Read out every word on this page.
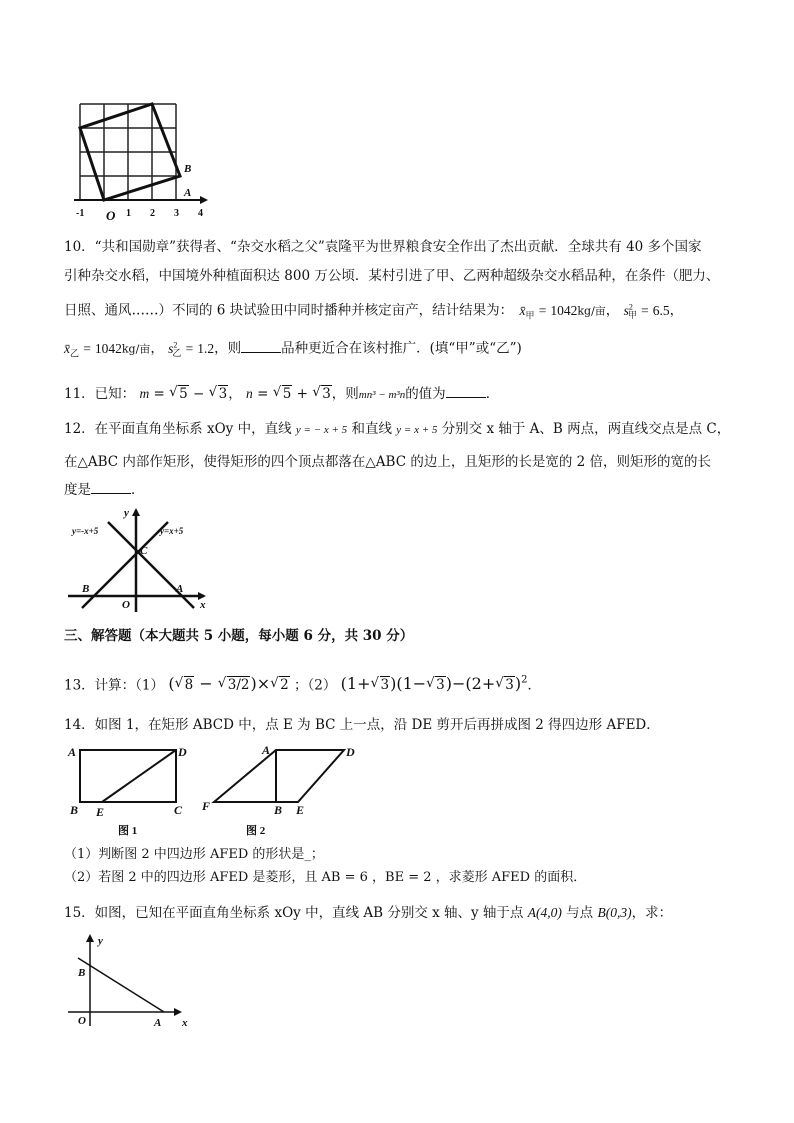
-1 O 1 2 3 4
B
A
10．“共和国勋章”获得者、“杂交水稻之父”袁隆平为世界粮食安全作出了杰出贡献．全球共有 40 多个国家
引种杂交水稻，中国境外种植面积达 800 万公顷．某村引进了甲、乙两种超级杂交水稻品种，在条件（肥力、
日照、通风……）不同的 6 块试验田中同时播种并核定亩产，结计结果为： $x̄_甲 = 1042kg/$亩， $s^2_甲 = 6.5$，
$x̄_乙 = 1042kg/$亩， $s^2_乙 = 1.2$，则	品种更近合在该村推广．(填“甲”或“乙”)
11．已知： m = √ 5 − √ 3， n = √ 5 + √ 3，则mn³ − m³n的值为	．
12．在平面直角坐标系 xOy 中，直线 y = − x + 5 和直线 y = x + 5 分别交 x 轴于 A、B 两点，两直线交点是点 C，
在△ABC 内部作矩形，使得矩形的四个顶点都落在△ABC 的边上，且矩形的长是宽的 2 倍，则矩形的宽的长
度是	．
y=-x+5	y=x+5
y
x
O
C
A
B
三、解答题（本大题共 5 小题，每小题 6 分，共 30 分）
13．计算：（1） ( √ 8 − √ 3/2)× √ 2 ；（2） (1+ √ 3)(1− √ 3)−(2+ √ 3)$^2$．
14．如图 1，在矩形 ABCD 中，点 E 为 BC 上一点，沿 DE 剪开后再拼成图 2 得四边形 AFED．
A	D
B E	C
图 1
A	D
F	B E
图 2
（1）判断图 2 中四边形 AFED 的形状是_；
（2）若图 2 中的四边形 AFED 是菱形，且 AB = 6 ，BE = 2 ，求菱形 AFED 的面积．
15．如图，已知在平面直角坐标系 xOy 中，直线 AB 分别交 x 轴、y 轴于点 A(4,0) 与点 B(0,3)，求：
y
x
O	A
B
